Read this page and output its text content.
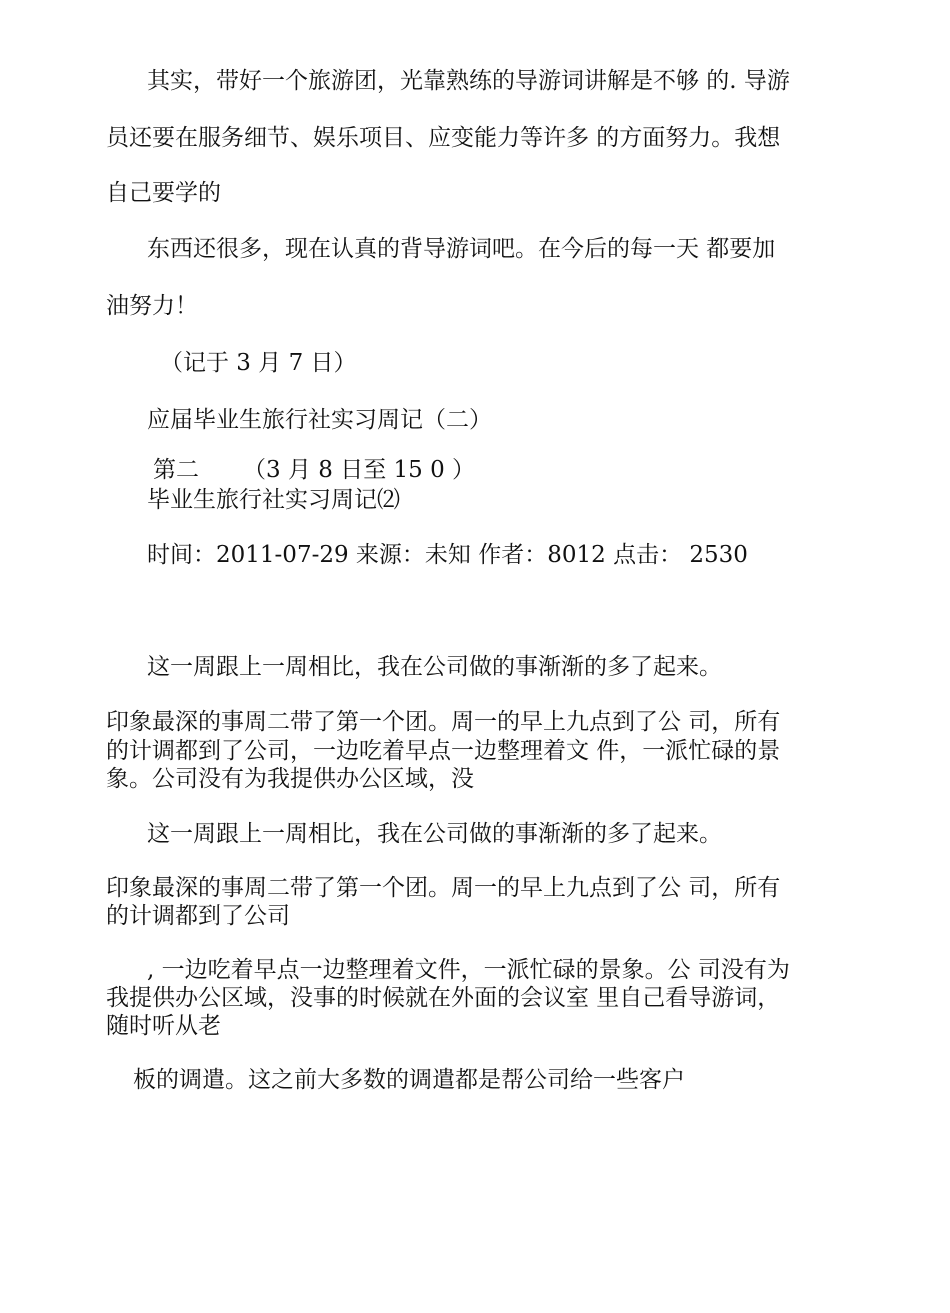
其实，带好一个旅游团，光靠熟练的导游词讲解是不够 的. 导游

员还要在服务细节、娱乐项目、应变能力等许多 的方面努力。我想

自己要学的

东西还很多，现在认真的背导游词吧。在今后的每一天 都要加

油努力！

（记于 3 月 7 日）

应届毕业生旅行社实习周记（二）

第二 （3 月 8 日至 15 0 ）

毕业生旅行社实习周记⑵

时间：2011-07-29 来源：未知 作者：8012 点击： 2530

这一周跟上一周相比，我在公司做的事渐渐的多了起来。

印象最深的事周二带了第一个团。周一的早上九点到了公 司，所有

的计调都到了公司，一边吃着早点一边整理着文 件，一派忙碌的景

象。公司没有为我提供办公区域，没

这一周跟上一周相比，我在公司做的事渐渐的多了起来。

印象最深的事周二带了第一个团。周一的早上九点到了公 司，所有

的计调都到了公司

, 一边吃着早点一边整理着文件，一派忙碌的景象。公 司没有为

我提供办公区域，没事的时候就在外面的会议室 里自己看导游词，

随时听从老

板的调遣。这之前大多数的调遣都是帮公司给一些客户
